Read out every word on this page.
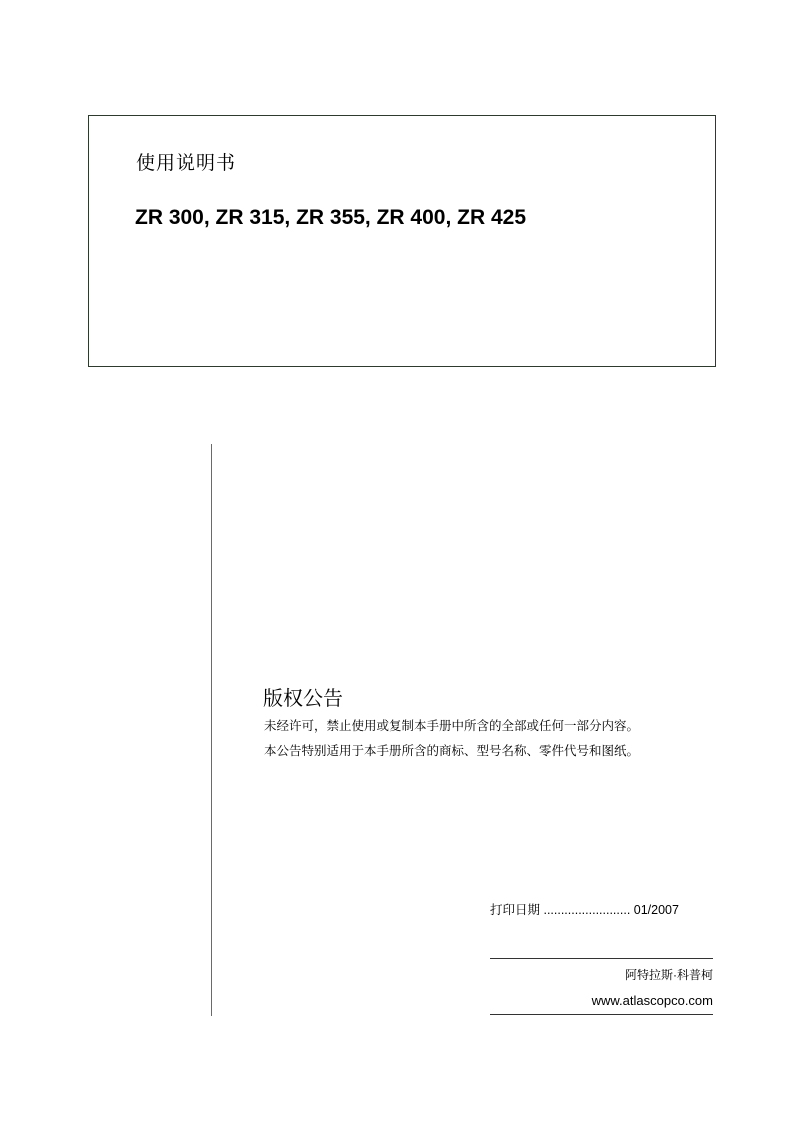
使用说明书
ZR 300, ZR 315, ZR 355, ZR 400, ZR 425
版权公告
未经许可，禁止使用或复制本手册中所含的全部或任何一部分内容。
本公告特别适用于本手册所含的商标、型号名称、零件代号和图纸。
打印日期 ......................... 01/2007
阿特拉斯·科普柯
www.atlascopco.com
